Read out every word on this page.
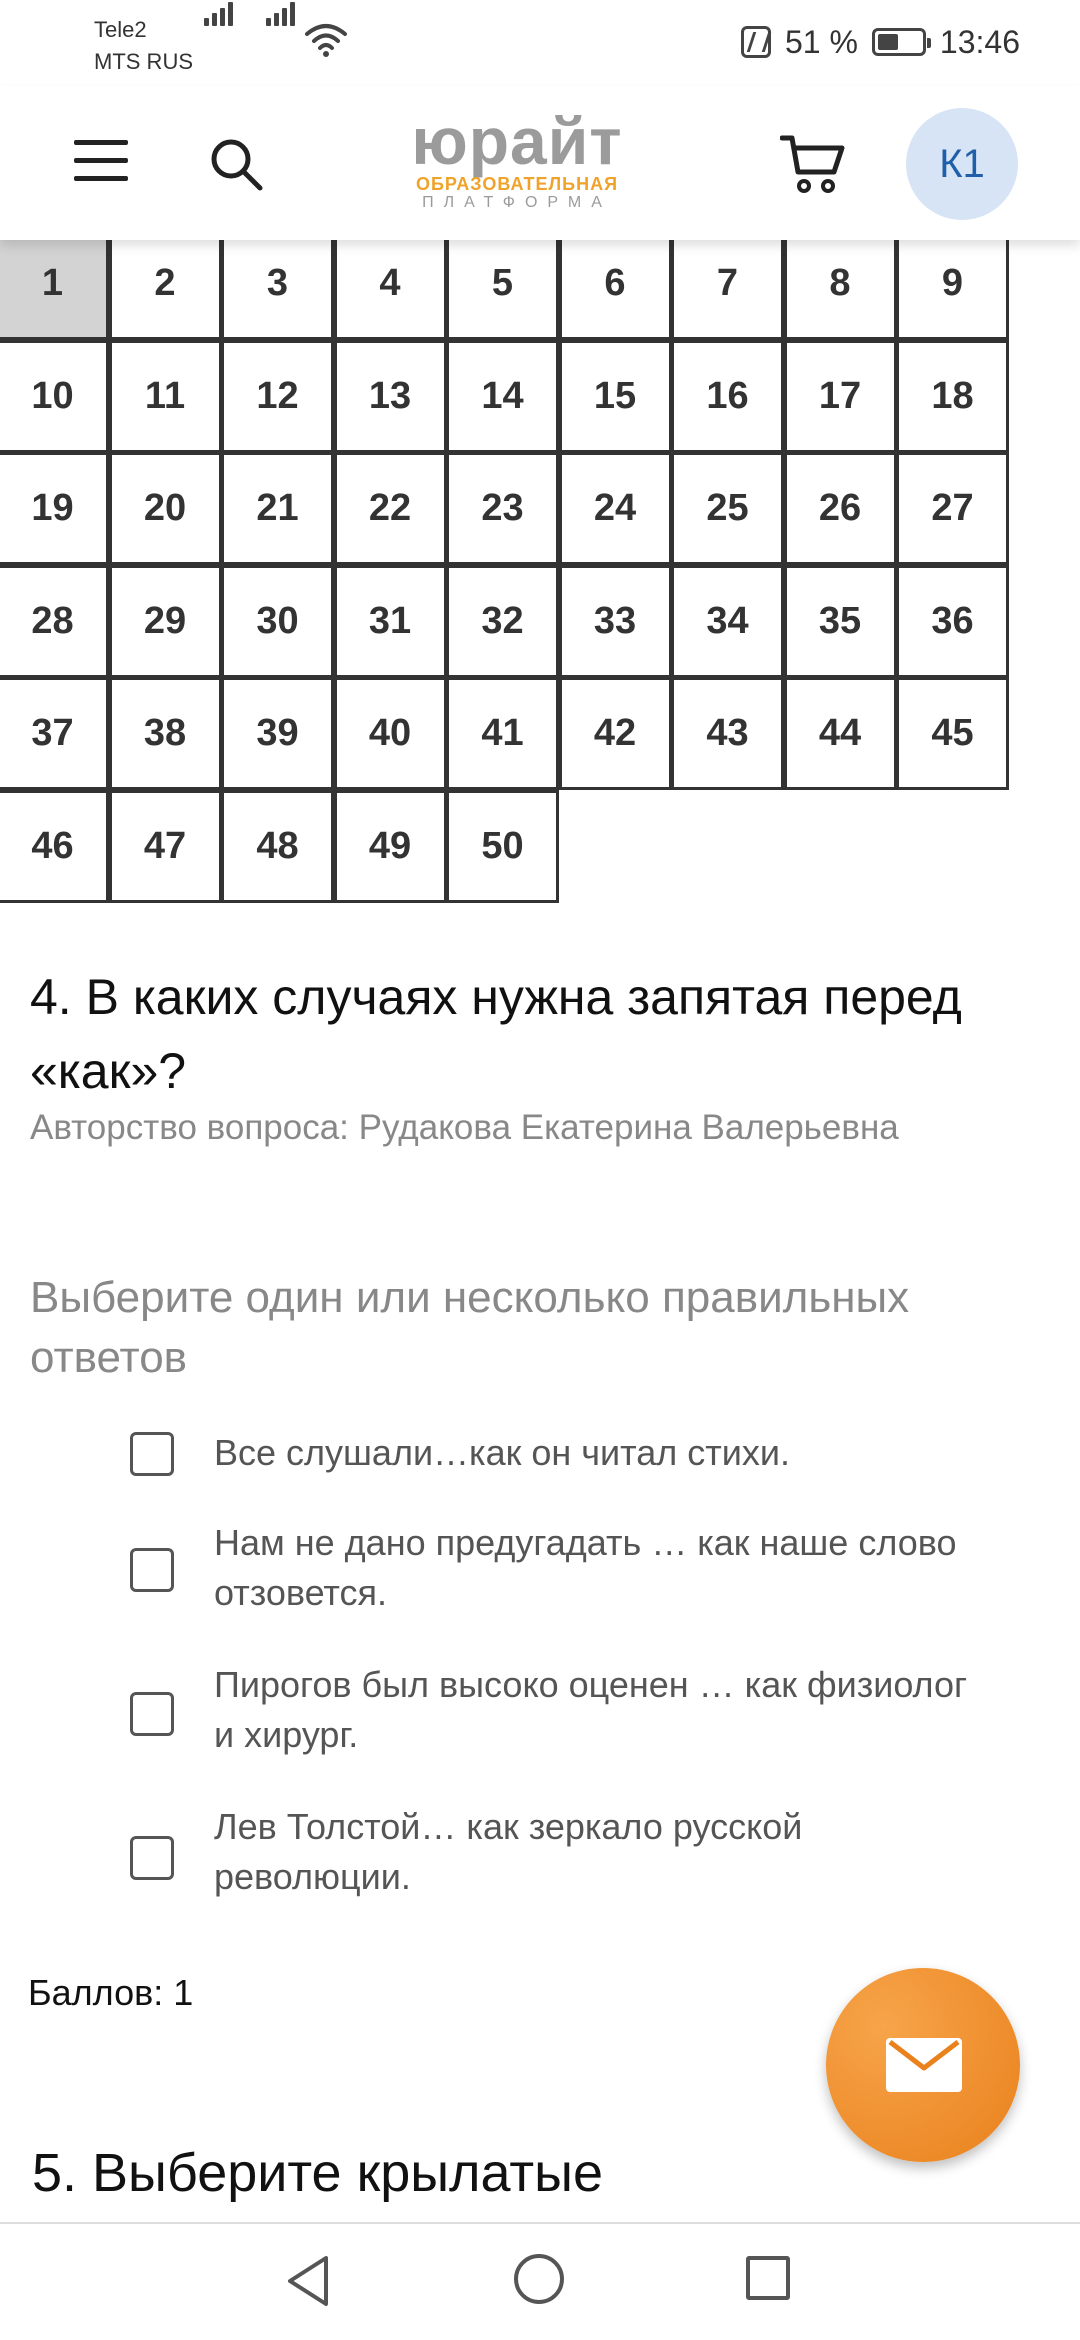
Tele2
MTS RUS
51 %	13:46
юрайт
ОБРАЗОВАТЕЛЬНАЯ
ПЛАТФОРМА
К1
1	2	3	4	5	6	7	8	9
10	11	12	13	14	15	16	17	18
19	20	21	22	23	24	25	26	27
28	29	30	31	32	33	34	35	36
37	38	39	40	41	42	43	44	45
46	47	48	49	50
4. В каких случаях нужна запятая перед «как»?
Авторство вопроса: Рудакова Екатерина Валерьевна
Выберите один или несколько правильных ответов
Все слушали…как он читал стихи.
Нам не дано предугадать … как наше слово отзовется.
Пирогов был высоко оценен … как физиолог и хирург.
Лев Толстой… как зеркало русской революции.
Баллов: 1
5. Выберите крылатые
